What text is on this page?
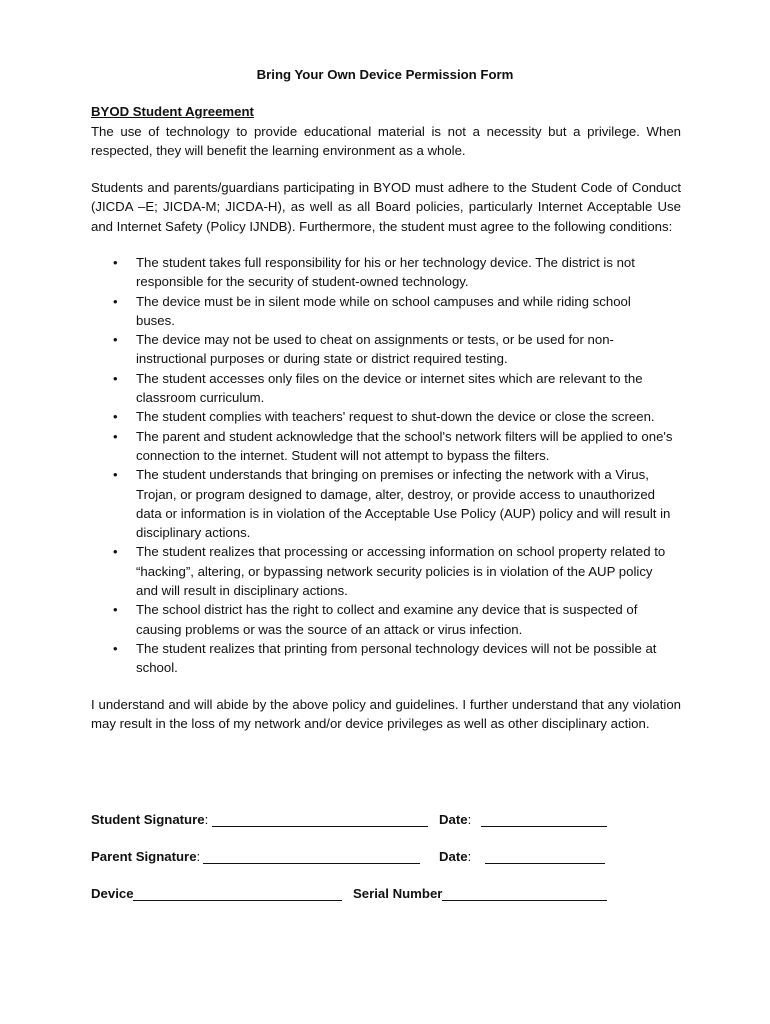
Bring Your Own Device Permission Form

BYOD Student Agreement

The use of technology to provide educational material is not a necessity but a privilege. When respected, they will benefit the learning environment as a whole.

Students and parents/guardians participating in BYOD must adhere to the Student Code of Conduct (JICDA –E; JICDA-M; JICDA-H), as well as all Board policies, particularly Internet Acceptable Use and Internet Safety (Policy IJNDB). Furthermore, the student must agree to the following conditions:

• The student takes full responsibility for his or her technology device. The district is not responsible for the security of student-owned technology.
• The device must be in silent mode while on school campuses and while riding school buses.
• The device may not be used to cheat on assignments or tests, or be used for non-instructional purposes or during state or district required testing.
• The student accesses only files on the device or internet sites which are relevant to the classroom curriculum.
• The student complies with teachers' request to shut-down the device or close the screen.
• The parent and student acknowledge that the school's network filters will be applied to one's connection to the internet. Student will not attempt to bypass the filters.
• The student understands that bringing on premises or infecting the network with a Virus, Trojan, or program designed to damage, alter, destroy, or provide access to unauthorized data or information is in violation of the Acceptable Use Policy (AUP) policy and will result in disciplinary actions.
• The student realizes that processing or accessing information on school property related to “hacking”, altering, or bypassing network security policies is in violation of the AUP policy and will result in disciplinary actions.
• The school district has the right to collect and examine any device that is suspected of causing problems or was the source of an attack or virus infection.
• The student realizes that printing from personal technology devices will not be possible at school.

I understand and will abide by the above policy and guidelines. I further understand that any violation may result in the loss of my network and/or device privileges as well as other disciplinary action.

Student Signature:	Date:
Parent Signature:	Date:
Device	Serial Number
